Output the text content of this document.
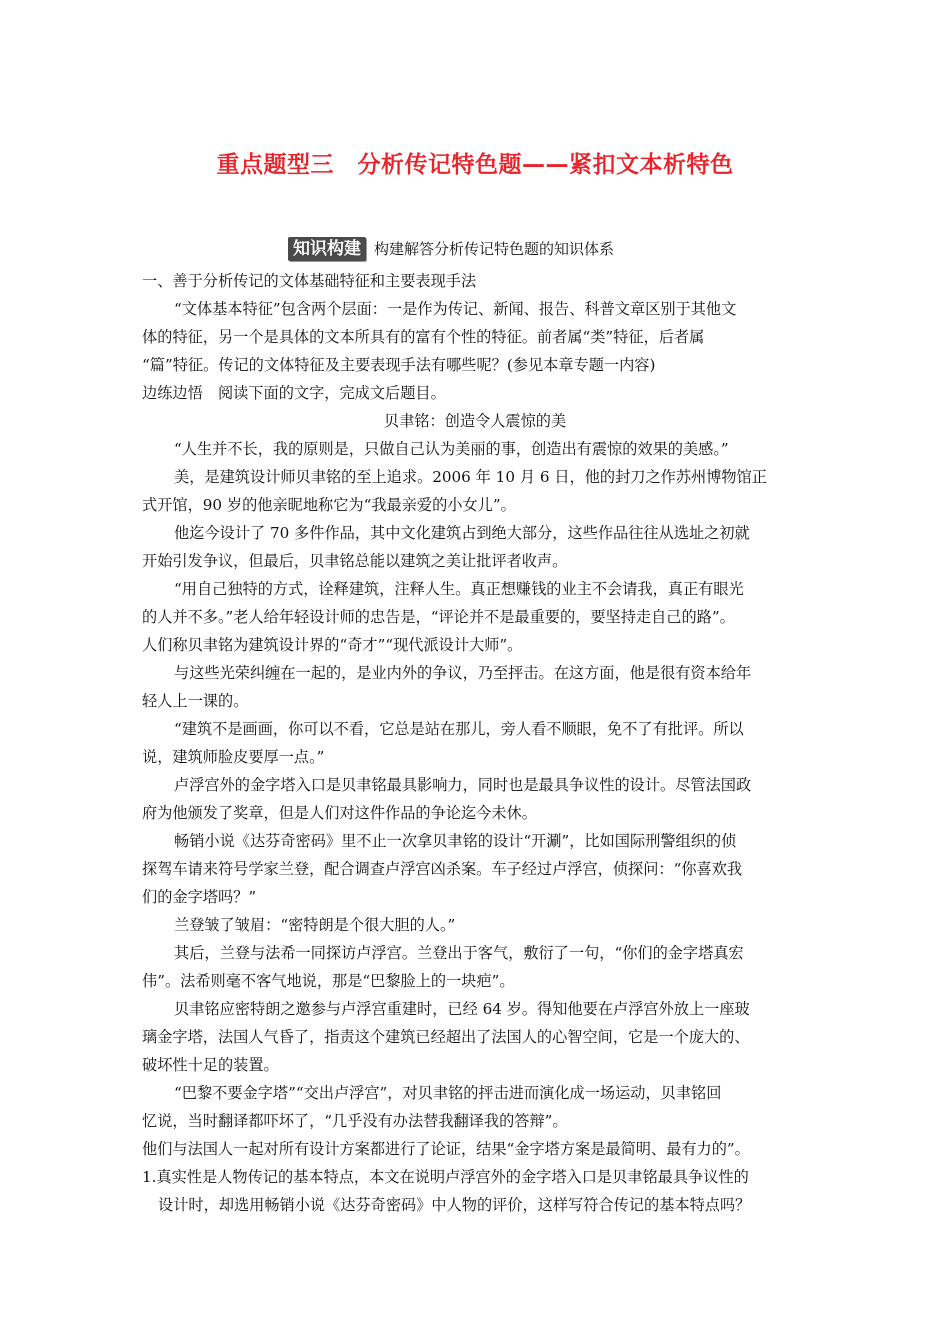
重点题型三　分析传记特色题——紧扣文本析特色
知识构建 构建解答分析传记特色题的知识体系
一、善于分析传记的文体基础特征和主要表现手法
“文体基本特征”包含两个层面：一是作为传记、新闻、报告、科普文章区别于其他文
体的特征，另一个是具体的文本所具有的富有个性的特征。前者属“类”特征，后者属
“篇”特征。传记的文体特征及主要表现手法有哪些呢？(参见本章专题一内容)
边练边悟　阅读下面的文字，完成文后题目。
贝聿铭：创造令人震惊的美
“人生并不长，我的原则是，只做自己认为美丽的事，创造出有震惊的效果的美感。”
美，是建筑设计师贝聿铭的至上追求。2006 年 10 月 6 日，他的封刀之作苏州博物馆正
式开馆，90 岁的他亲昵地称它为“我最亲爱的小女儿”。
他迄今设计了 70 多件作品，其中文化建筑占到绝大部分，这些作品往往从选址之初就
开始引发争议，但最后，贝聿铭总能以建筑之美让批评者收声。
“用自己独特的方式，诠释建筑，注释人生。真正想赚钱的业主不会请我，真正有眼光
的人并不多。”老人给年轻设计师的忠告是，“评论并不是最重要的，要坚持走自己的路”。
人们称贝聿铭为建筑设计界的“奇才”“现代派设计大师”。
与这些光荣纠缠在一起的，是业内外的争议，乃至抨击。在这方面，他是很有资本给年
轻人上一课的。
“建筑不是画画，你可以不看，它总是站在那儿，旁人看不顺眼，免不了有批评。所以
说，建筑师脸皮要厚一点。”
卢浮宫外的金字塔入口是贝聿铭最具影响力，同时也是最具争议性的设计。尽管法国政
府为他颁发了奖章，但是人们对这件作品的争论迄今未休。
畅销小说《达芬奇密码》里不止一次拿贝聿铭的设计“开涮”，比如国际刑警组织的侦
探驾车请来符号学家兰登，配合调查卢浮宫凶杀案。车子经过卢浮宫，侦探问：“你喜欢我
们的金字塔吗？”
兰登皱了皱眉：“密特朗是个很大胆的人。”
其后，兰登与法希一同探访卢浮宫。兰登出于客气，敷衍了一句，“你们的金字塔真宏
伟”。法希则毫不客气地说，那是“巴黎脸上的一块疤”。
贝聿铭应密特朗之邀参与卢浮宫重建时，已经 64 岁。得知他要在卢浮宫外放上一座玻
璃金字塔，法国人气昏了，指责这个建筑已经超出了法国人的心智空间，它是一个庞大的、
破坏性十足的装置。
“巴黎不要金字塔”“交出卢浮宫”，对贝聿铭的抨击进而演化成一场运动，贝聿铭回
忆说，当时翻译都吓坏了，“几乎没有办法替我翻译我的答辩”。
他们与法国人一起对所有设计方案都进行了论证，结果“金字塔方案是最简明、最有力的”。
1.真实性是人物传记的基本特点，本文在说明卢浮宫外的金字塔入口是贝聿铭最具争议性的
设计时，却选用畅销小说《达芬奇密码》中人物的评价，这样写符合传记的基本特点吗？
